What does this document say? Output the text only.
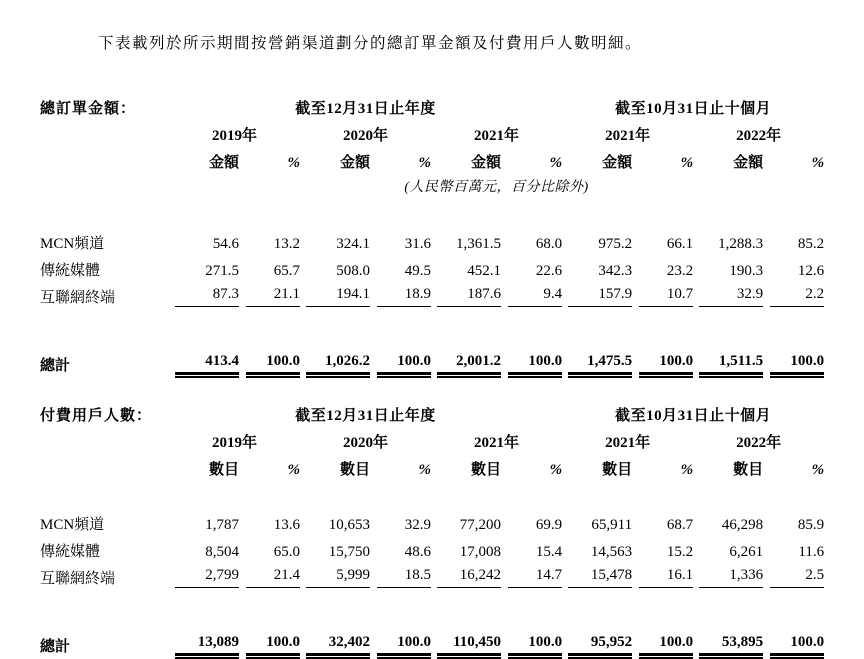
下表載列於所示期間按營銷渠道劃分的總訂單金額及付費用戶人數明細。

總訂單金額：	截至12月31日止年度						截至10月31日止十個月			
	2019年		2020年		2021年		2021年		2022年	
	金額	%	金額	%	金額	%	金額	%	金額	%
	(人民幣百萬元，百分比除外)									

MCN頻道	54.6	13.2	324.1	31.6	1,361.5	68.0	975.2	66.1	1,288.3	85.2
傳統媒體	271.5	65.7	508.0	49.5	452.1	22.6	342.3	23.2	190.3	12.6
互聯網終端	87.3	21.1	194.1	18.9	187.6	9.4	157.9	10.7	32.9	2.2

總計	413.4	100.0	1,026.2	100.0	2,001.2	100.0	1,475.5	100.0	1,511.5	100.0
付費用戶人數：	截至12月31日止年度						截至10月31日止十個月			
	2019年		2020年		2021年		2021年		2022年	
	數目	%	數目	%	數目	%	數目	%	數目	%

MCN頻道	1,787	13.6	10,653	32.9	77,200	69.9	65,911	68.7	46,298	85.9
傳統媒體	8,504	65.0	15,750	48.6	17,008	15.4	14,563	15.2	6,261	11.6
互聯網終端	2,799	21.4	5,999	18.5	16,242	14.7	15,478	16.1	1,336	2.5

總計	13,089	100.0	32,402	100.0	110,450	100.0	95,952	100.0	53,895	100.0
